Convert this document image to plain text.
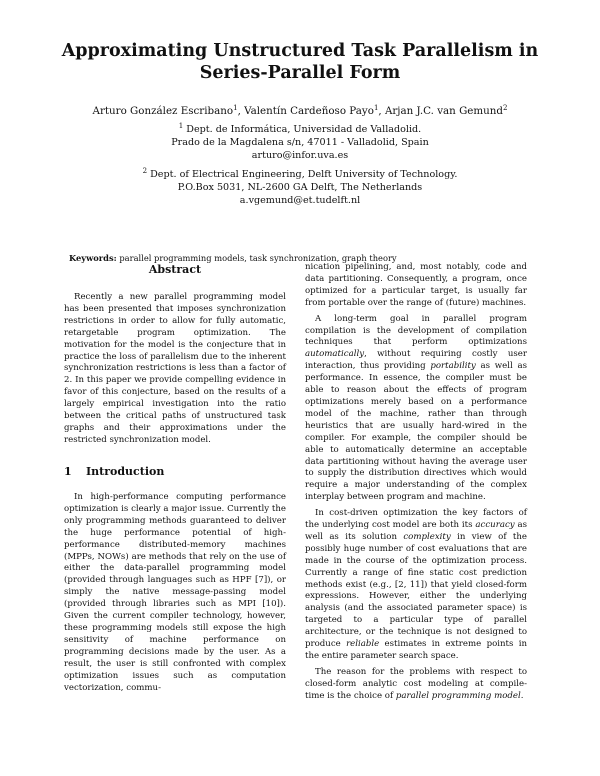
Approximating Unstructured Task Parallelism in
Series-Parallel Form
Arturo González Escribano$^1$, Valentín Cardeñoso Payo$^1$, Arjan J.C. van Gemund$^2$
$^1$ Dept. de Informática, Universidad de Valladolid.
Prado de la Magdalena s/n, 47011 - Valladolid, Spain
arturo@infor.uva.es
$^2$ Dept. of Electrical Engineering, Delft University of Technology.
P.O.Box 5031, NL-2600 GA Delft, The Netherlands
a.vgemund@et.tudelft.nl
Keywords: parallel programming models, task synchronization, graph theory
Abstract

Recently a new parallel programming model has been presented that imposes synchronization restrictions in order to allow for fully automatic, retargetable program optimization. The motivation for the model is the conjecture that in practice the loss of parallelism due to the inherent synchronization restrictions is less than a factor of 2. In this paper we provide compelling evidence in favor of this conjecture, based on the results of a largely empirical investigation into the ratio between the critical paths of unstructured task graphs and their approximations under the restricted synchronization model.

1 Introduction

In high-performance computing performance optimization is clearly a major issue. Currently the only programming methods guaranteed to deliver the huge performance potential of high-performance distributed-memory machines (MPPs, NOWs) are methods that rely on the use of either the data-parallel programming model (provided through languages such as HPF [7]), or simply the native message-passing model (provided through libraries such as MPI [10]). Given the current compiler technology, however, these programming models still expose the high sensitivity of machine performance on programming decisions made by the user. As a result, the user is still confronted with complex optimization issues such as computation vectorization, commu-

nication pipelining, and, most notably, code and data partitioning. Consequently, a program, once optimized for a particular target, is usually far from portable over the range of (future) machines.

A long-term goal in parallel program compilation is the development of compilation techniques that perform optimizations automatically, without requiring costly user interaction, thus providing portability as well as performance. In essence, the compiler must be able to reason about the effects of program optimizations merely based on a performance model of the machine, rather than through heuristics that are usually hard-wired in the compiler. For example, the compiler should be able to automatically determine an acceptable data partitioning without having the average user to supply the distribution directives which would require a major understanding of the complex interplay between program and machine.

In cost-driven optimization the key factors of the underlying cost model are both its accuracy as well as its solution complexity in view of the possibly huge number of cost evaluations that are made in the course of the optimization process. Currently a range of fine static cost prediction methods exist (e.g., [2, 11]) that yield closed-form expressions. However, either the underlying analysis (and the associated parameter space) is targeted to a particular type of parallel architecture, or the technique is not designed to produce reliable estimates in extreme points in the entire parameter search space.

The reason for the problems with respect to closed-form analytic cost modeling at compile-time is the choice of parallel programming model.
